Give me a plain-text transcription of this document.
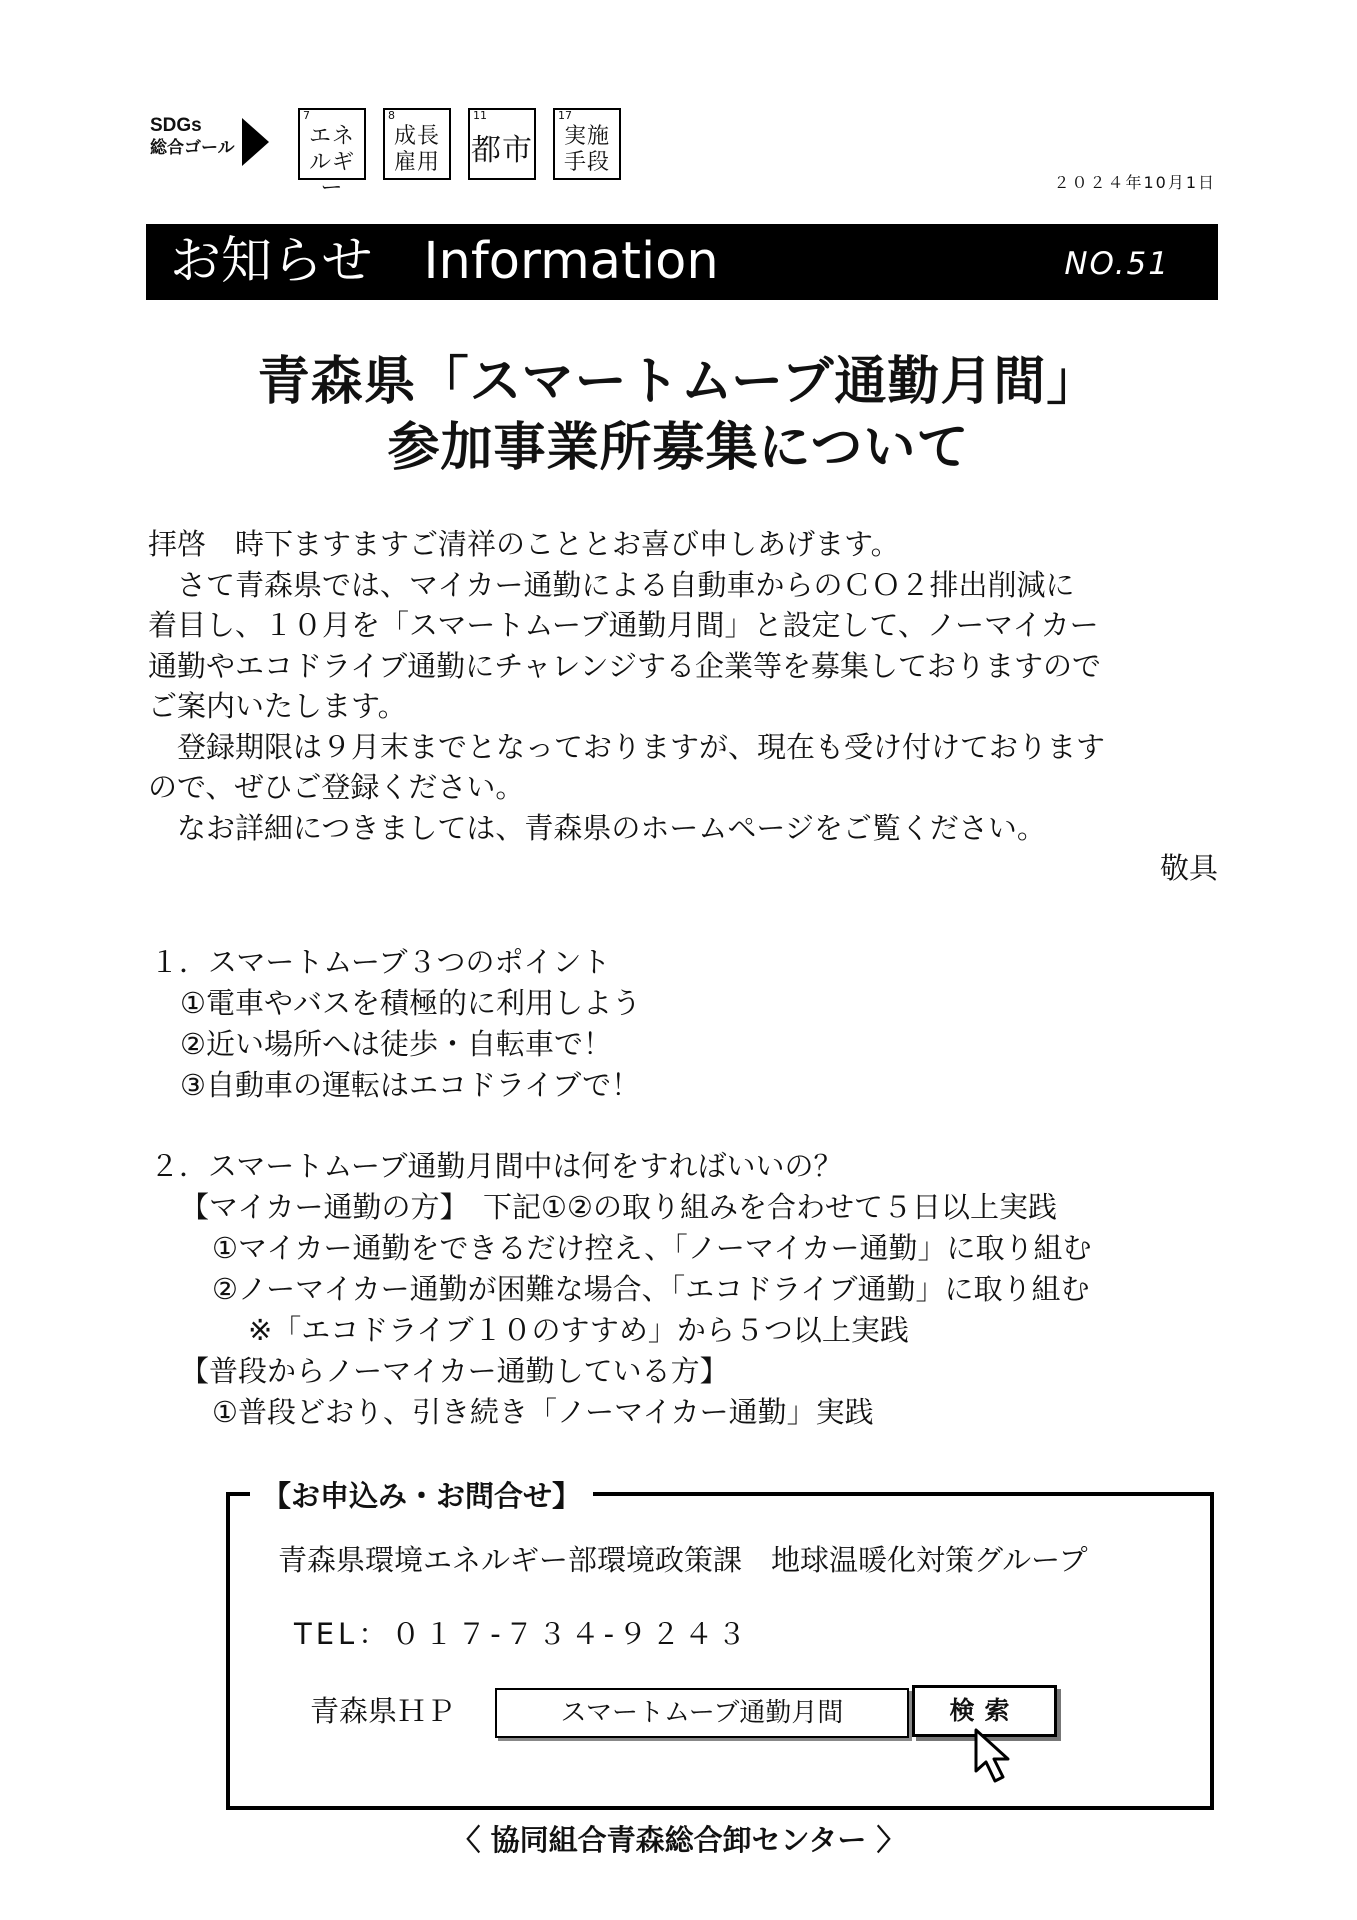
SDGs
総合ゴール
7
エネ
ルギー
8
成長
雇用
11
都市
17
実施
手段
２０２４年10月1日
お知らせ　Information	NO.51
青森県「スマートムーブ通勤月間」
参加事業所募集について

拝啓　時下ますますご清祥のこととお喜び申しあげます。

　さて青森県では、マイカー通勤による自動車からのＣＯ２排出削減に

着目し、１０月を「スマートムーブ通勤月間」と設定して、ノーマイカー

通勤やエコドライブ通勤にチャレンジする企業等を募集しておりますので

ご案内いたします。

　登録期限は９月末までとなっておりますが、現在も受け付けております

ので、ぜひご登録ください。

　なお詳細につきましては、青森県のホームページをご覧ください。

敬具

１．スマートムーブ３つのポイント
①電車やバスを積極的に利用しよう
②近い場所へは徒歩・自転車で！
③自動車の運転はエコドライブで！
２．スマートムーブ通勤月間中は何をすればいいの？
【マイカー通勤の方】　下記①②の取り組みを合わせて５日以上実践
①マイカー通勤をできるだけ控え、「ノーマイカー通勤」に取り組む
②ノーマイカー通勤が困難な場合、「エコドライブ通勤」に取り組む
※「エコドライブ１０のすすめ」から５つ以上実践
【普段からノーマイカー通勤している方】
①普段どおり、引き続き「ノーマイカー通勤」実践
【お申込み・お問合せ】
青森県環境エネルギー部環境政策課　地球温暖化対策グループ
TEL：０１７-７３４-９２４３
青森県ＨＰ	スマートムーブ通勤月間	検索
〈 協同組合青森総合卸センター 〉
